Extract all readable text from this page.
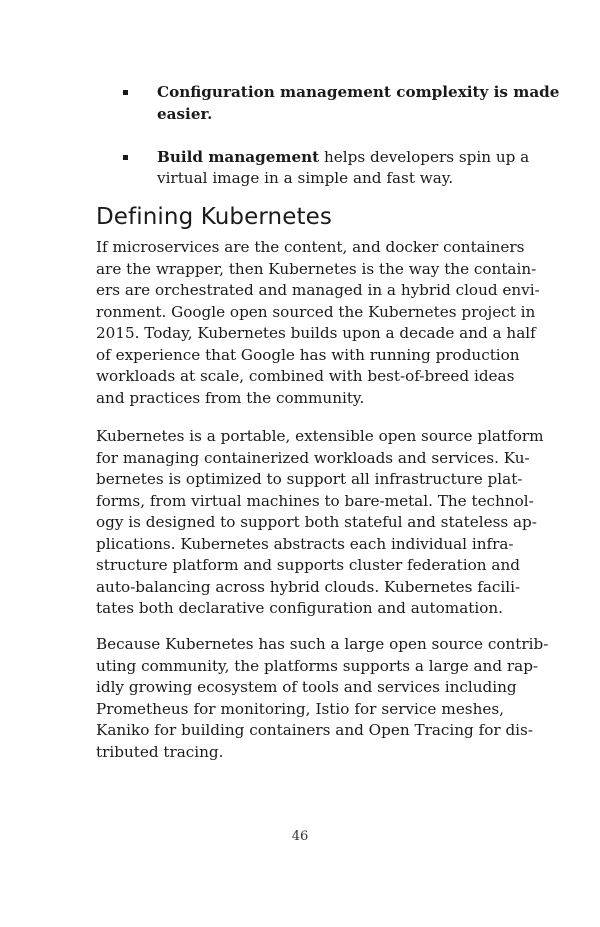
Configuration management complexity is made
easier.
Build management helps developers spin up a
virtual image in a simple and fast way.
Defining Kubernetes

If microservices are the content, and docker containers
are the wrapper, then Kubernetes is the way the contain-
ers are orchestrated and managed in a hybrid cloud envi-
ronment. Google open sourced the Kubernetes project in
2015. Today, Kubernetes builds upon a decade and a half
of experience that Google has with running production
workloads at scale, combined with best-of-breed ideas
and practices from the community.

Kubernetes is a portable, extensible open source platform
for managing containerized workloads and services. Ku-
bernetes is optimized to support all infrastructure plat-
forms, from virtual machines to bare-metal. The technol-
ogy is designed to support both stateful and stateless ap-
plications. Kubernetes abstracts each individual infra-
structure platform and supports cluster federation and
auto-balancing across hybrid clouds. Kubernetes facili-
tates both declarative configuration and automation.

Because Kubernetes has such a large open source contrib-
uting community, the platforms supports a large and rap-
idly growing ecosystem of tools and services including
Prometheus for monitoring, Istio for service meshes,
Kaniko for building containers and Open Tracing for dis-
tributed tracing.

46
